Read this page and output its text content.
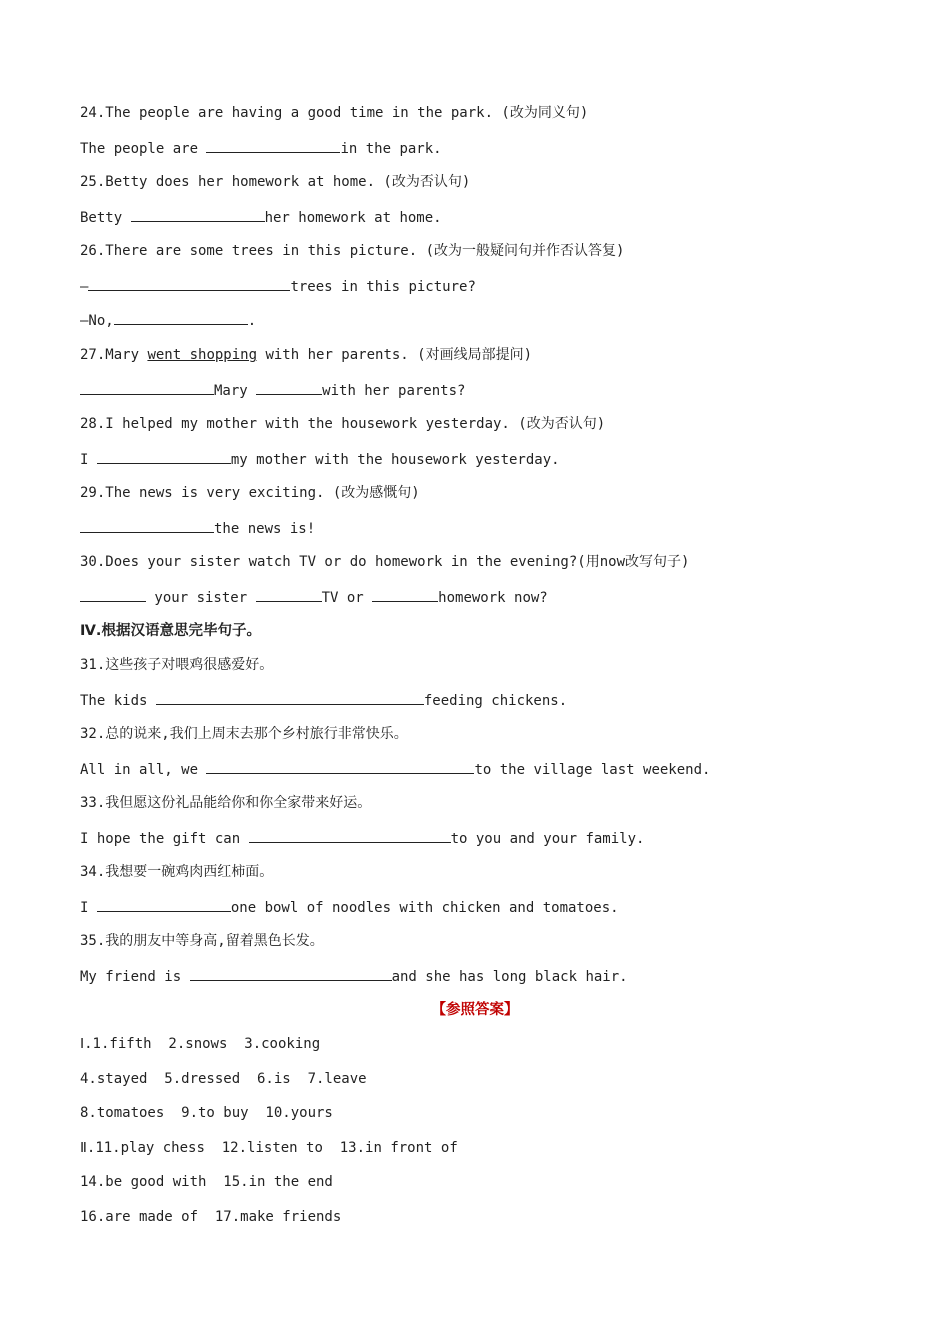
24.The people are having a good time in the park. (改为同义句)
The people are	in the park.
25.Betty does her homework at home. (改为否认句)
Betty	her homework at home.
26.There are some trees in this picture. (改为一般疑问句并作否认答复)
—	trees in this picture?
—No,	.
27.Mary went shopping with her parents. (对画线局部提问)
Mary	with her parents?
28.I helped my mother with the housework yesterday. (改为否认句)
I	my mother with the housework yesterday.
29.The news is very exciting. (改为感慨句)
the news is!
30.Does your sister watch TV or do homework in the evening?(用now改写句子)
your sister	TV or	homework now?
Ⅳ.根据汉语意思完毕句子。
31.这些孩子对喂鸡很感爱好。
The kids	feeding chickens.
32.总的说来,我们上周末去那个乡村旅行非常快乐。
All in all, we	to the village last weekend.
33.我但愿这份礼品能给你和你全家带来好运。
I hope the gift can	to you and your family.
34.我想要一碗鸡肉西红柿面。
I	one bowl of noodles with chicken and tomatoes.
35.我的朋友中等身高,留着黑色长发。
My friend is	and she has long black hair.
【参照答案】
Ⅰ.1.fifth  2.snows  3.cooking
4.stayed  5.dressed  6.is  7.leave
8.tomatoes  9.to buy  10.yours
Ⅱ.11.play chess  12.listen to  13.in front of
14.be good with  15.in the end
16.are made of  17.make friends
